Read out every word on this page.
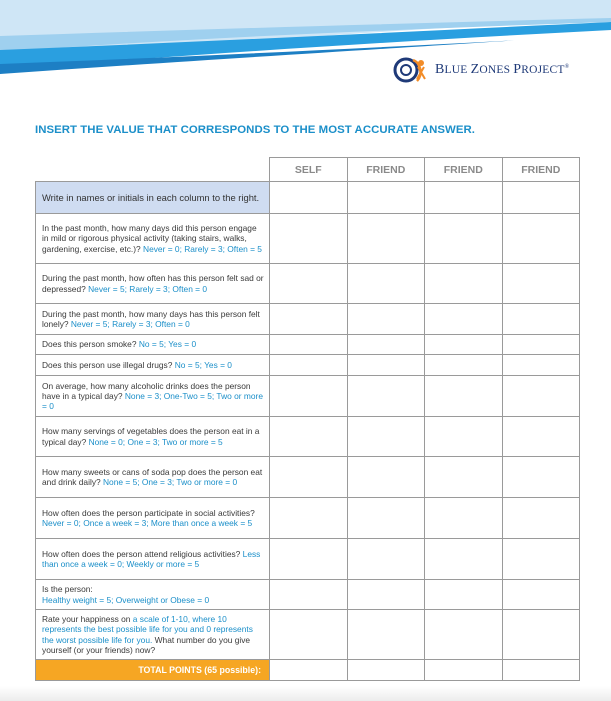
BLUE ZONES PROJECT®
INSERT THE VALUE THAT CORRESPONDS TO THE MOST ACCURATE ANSWER.
	SELF	FRIEND	FRIEND	FRIEND
Write in names or initials in each column to the right.				
In the past month, how many days did this person engage in mild or rigorous physical activity (taking stairs, walks, gardening, exercise, etc.)? Never = 0; Rarely = 3; Often = 5				
During the past month, how often has this person felt sad or depressed? Never = 5; Rarely = 3; Often = 0				
During the past month, how many days has this person felt lonely? Never = 5; Rarely = 3; Often = 0				
Does this person smoke? No = 5; Yes = 0				
Does this person use illegal drugs? No = 5; Yes = 0				
On average, how many alcoholic drinks does the person have in a typical day? None = 3; One-Two = 5; Two or more = 0				
How many servings of vegetables does the person eat in a typical day? None = 0; One = 3; Two or more = 5				
How many sweets or cans of soda pop does the person eat and drink daily? None = 5; One = 3; Two or more = 0				
How often does the person participate in social activities? Never = 0; Once a week = 3; More than once a week = 5				
How often does the person attend religious activities? Less than once a week = 0; Weekly or more = 5				
Is the person:
Healthy weight = 5; Overweight or Obese = 0				
Rate your happiness on a scale of 1-10, where 10 represents the best possible life for you and 0 represents the worst possible life for you. What number do you give yourself (or your friends) now?				
TOTAL POINTS (65 possible):				
